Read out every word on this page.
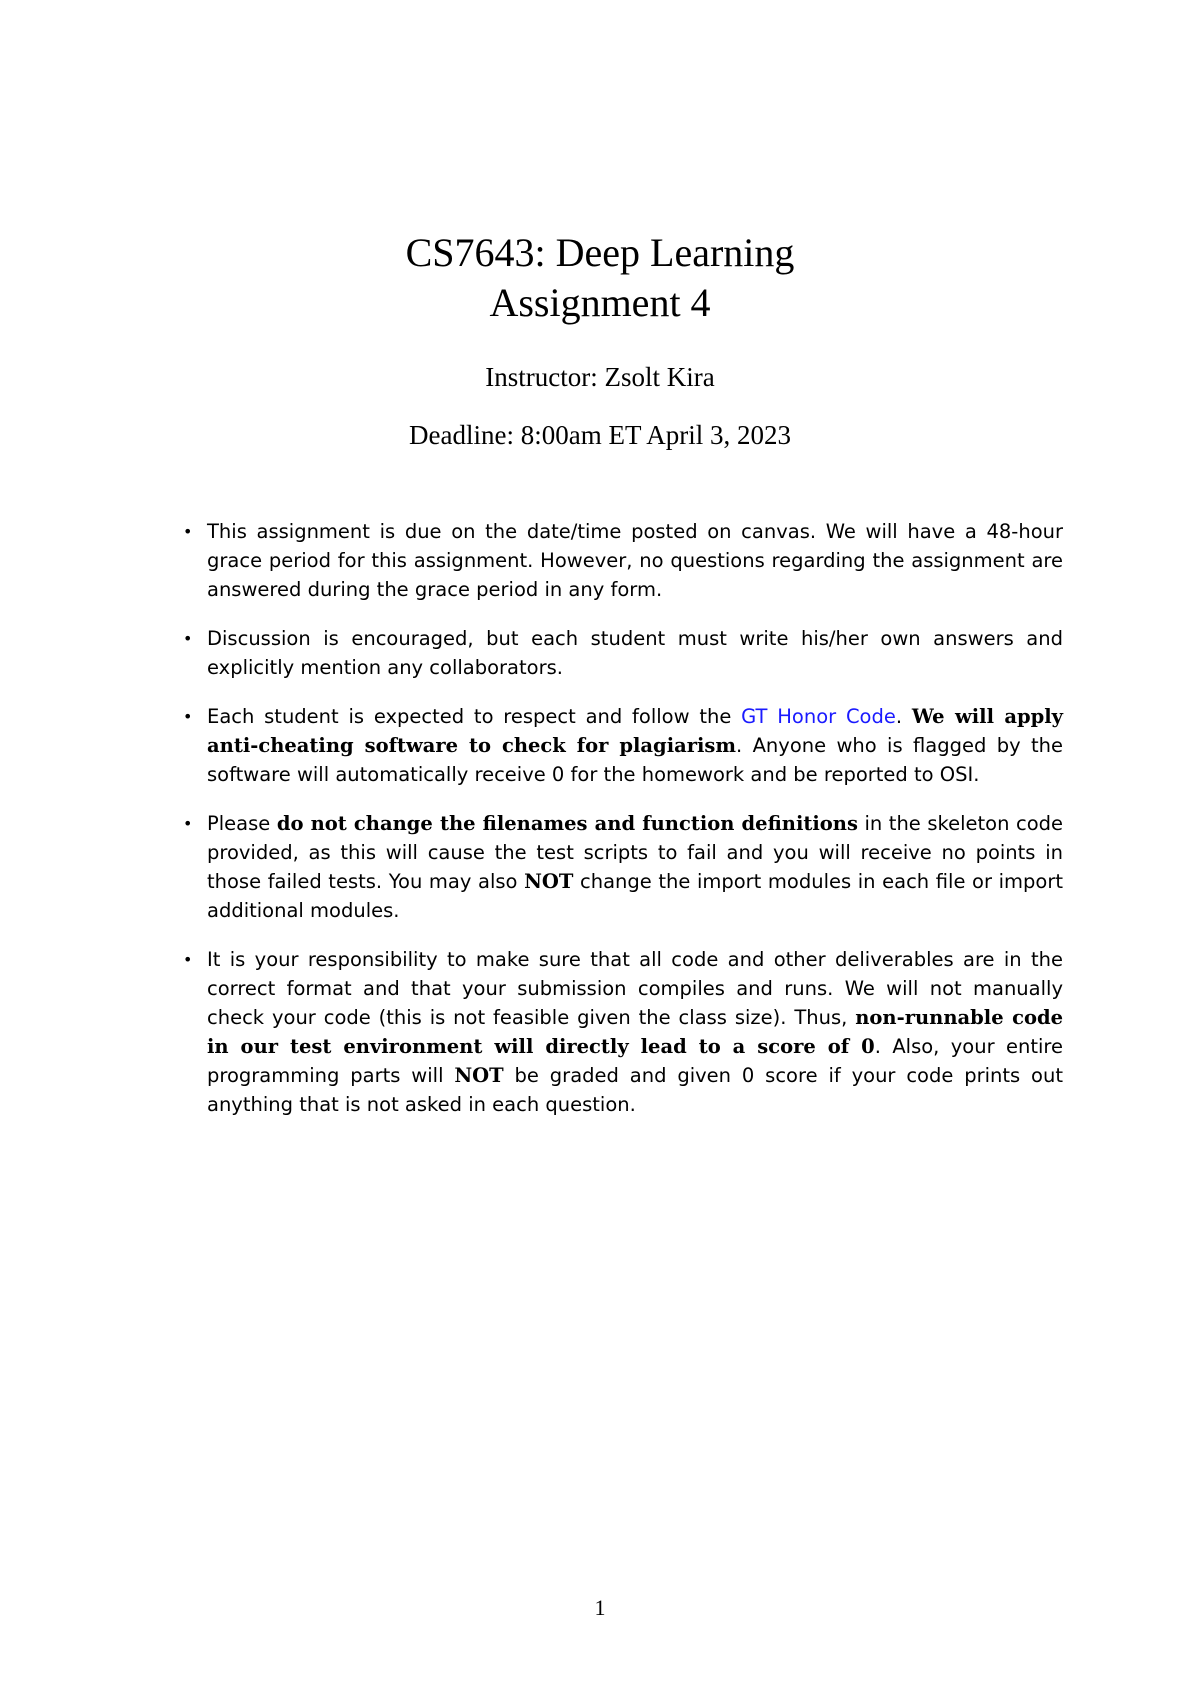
CS7643: Deep Learning
Assignment 4
Instructor: Zsolt Kira
Deadline: 8:00am ET April 3, 2023
• This assignment is due on the date/time posted on canvas. We will have a 48-hour grace period for this assignment. However, no questions regarding the assignment are answered during the grace period in any form.
• Discussion is encouraged, but each student must write his/her own answers and explicitly mention any collaborators.
• Each student is expected to respect and follow the GT Honor Code. We will apply anti-cheating software to check for plagiarism. Anyone who is flagged by the software will automatically receive 0 for the homework and be reported to OSI.
• Please do not change the filenames and function definitions in the skeleton code provided, as this will cause the test scripts to fail and you will receive no points in those failed tests. You may also NOT change the import modules in each file or import additional modules.
• It is your responsibility to make sure that all code and other deliverables are in the correct format and that your submission compiles and runs. We will not manually check your code (this is not feasible given the class size). Thus, non-runnable code in our test environment will directly lead to a score of 0. Also, your entire programming parts will NOT be graded and given 0 score if your code prints out anything that is not asked in each question.
1
